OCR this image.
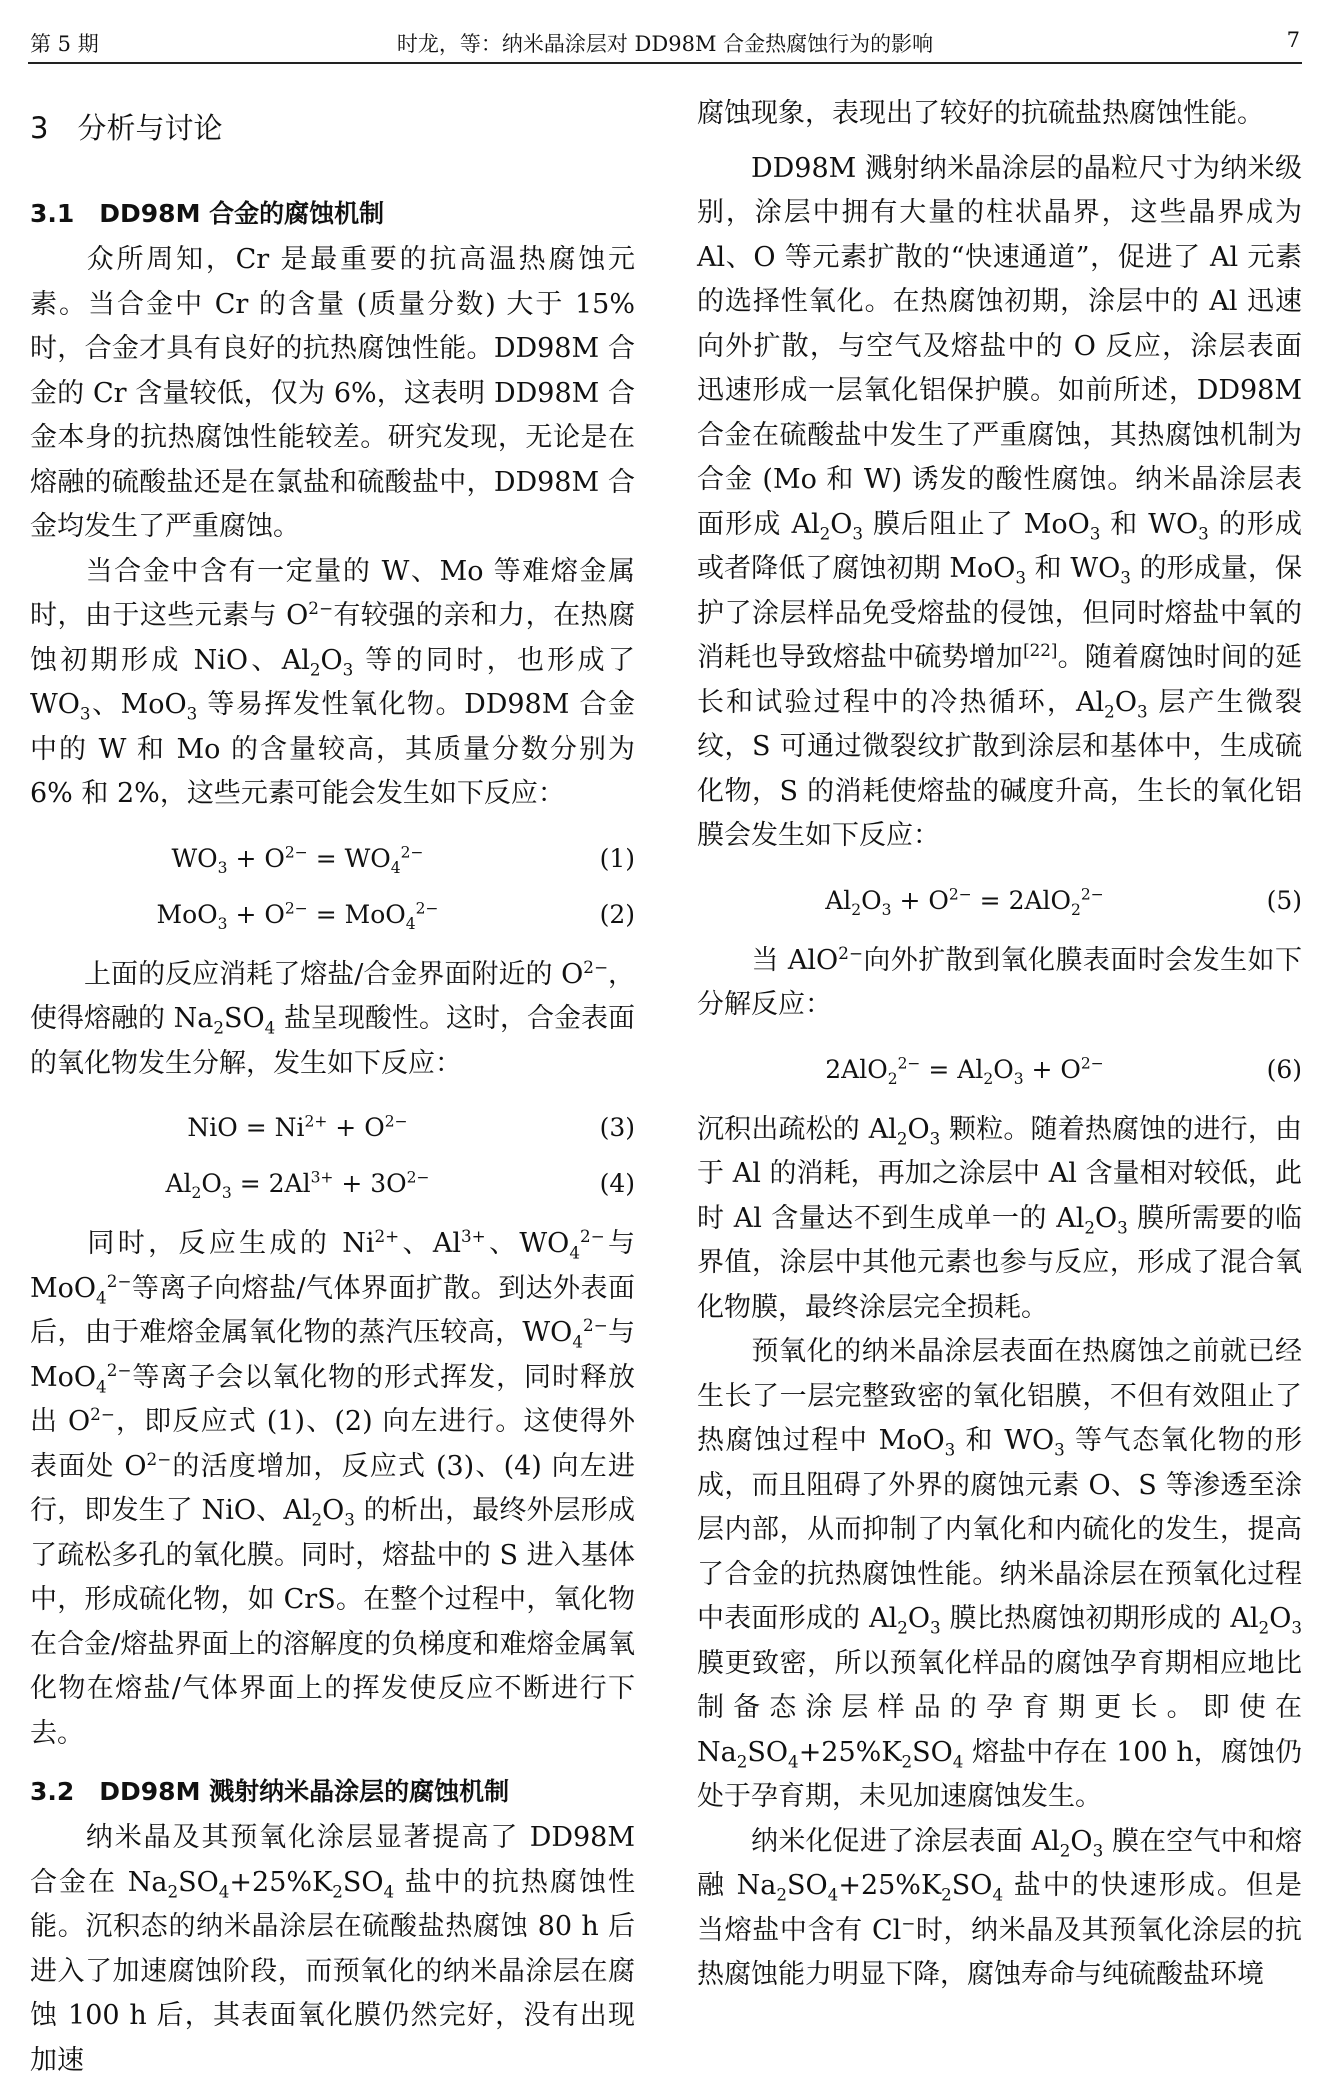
第 5 期	时龙，等：纳米晶涂层对 DD98M 合金热腐蚀行为的影响	7
3　分析与讨论
3.1　DD98M 合金的腐蚀机制

众所周知，Cr 是最重要的抗高温热腐蚀元素。当合金中 Cr 的含量 (质量分数) 大于 15% 时，合金才具有良好的抗热腐蚀性能。DD98M 合金的 Cr 含量较低，仅为 6%，这表明 DD98M 合金本身的抗热腐蚀性能较差。研究发现，无论是在熔融的硫酸盐还是在氯盐和硫酸盐中，DD98M 合金均发生了严重腐蚀。

当合金中含有一定量的 W、Mo 等难熔金属时，由于这些元素与 $O^{2-}$有较强的亲和力，在热腐蚀初期形成 NiO、$Al_2O_3$ 等的同时，也形成了 $WO_3$、MoO$_3$ 等易挥发性氧化物。DD98M 合金中的 W 和 Mo 的含量较高，其质量分数分别为 6% 和 2%，这些元素可能会发生如下反应：

$WO_3 + O^{2-} = WO_4^{2-}$	(1)
$MoO_3 + O^{2-} = MoO_4^{2-}$	(2)

上面的反应消耗了熔盐/合金界面附近的 $O^{2-}$，使得熔融的 $Na_2SO_4$ 盐呈现酸性。这时，合金表面的氧化物发生分解，发生如下反应：

NiO = $Ni^{2+} + O^{2-}$	(3)
$Al_2O_3 = 2Al^{3+} + 3O^{2-}$	(4)

同时，反应生成的 $Ni^{2+}$、$Al^{3+}$、$WO_4^{2-}$与 MoO$_4^{2-}$等离子向熔盐/气体界面扩散。到达外表面后，由于难熔金属氧化物的蒸汽压较高，$WO_4^{2-}$与 MoO$_4^{2-}$等离子会以氧化物的形式挥发，同时释放出 $O^{2-}$，即反应式 (1)、(2) 向左进行。这使得外表面处 $O^{2-}$的活度增加，反应式 (3)、(4) 向左进行，即发生了 NiO、$Al_2O_3$ 的析出，最终外层形成了疏松多孔的氧化膜。同时，熔盐中的 S 进入基体中，形成硫化物，如 CrS。在整个过程中，氧化物在合金/熔盐界面上的溶解度的负梯度和难熔金属氧化物在熔盐/气体界面上的挥发使反应不断进行下去。

3.2　DD98M 溅射纳米晶涂层的腐蚀机制

纳米晶及其预氧化涂层显著提高了 DD98M 合金在 $Na_2SO_4+25\%K_2SO_4$ 盐中的抗热腐蚀性能。沉积态的纳米晶涂层在硫酸盐热腐蚀 80 h 后进入了加速腐蚀阶段，而预氧化的纳米晶涂层在腐蚀 100 h 后，其表面氧化膜仍然完好，没有出现加速

腐蚀现象，表现出了较好的抗硫盐热腐蚀性能。

DD98M 溅射纳米晶涂层的晶粒尺寸为纳米级别，涂层中拥有大量的柱状晶界，这些晶界成为 Al、O 等元素扩散的“快速通道”，促进了 Al 元素的选择性氧化。在热腐蚀初期，涂层中的 Al 迅速向外扩散，与空气及熔盐中的 O 反应，涂层表面迅速形成一层氧化铝保护膜。如前所述，DD98M 合金在硫酸盐中发生了严重腐蚀，其热腐蚀机制为合金 (Mo 和 W) 诱发的酸性腐蚀。纳米晶涂层表面形成 $Al_2O_3$ 膜后阻止了 MoO$_3$ 和 $WO_3$ 的形成或者降低了腐蚀初期 MoO$_3$ 和 $WO_3$ 的形成量，保护了涂层样品免受熔盐的侵蚀，但同时熔盐中氧的消耗也导致熔盐中硫势增加[22]。随着腐蚀时间的延长和试验过程中的冷热循环，$Al_2O_3$ 层产生微裂纹，S 可通过微裂纹扩散到涂层和基体中，生成硫化物，S 的消耗使熔盐的碱度升高，生长的氧化铝膜会发生如下反应：

$Al_2O_3 + O^{2-} = 2AlO_2^{2-}$	(5)

当 AlO$^{2-}$向外扩散到氧化膜表面时会发生如下分解反应：

$2AlO_2^{2-} = Al_2O_3 + O^{2-}$	(6)

沉积出疏松的 $Al_2O_3$ 颗粒。随着热腐蚀的进行，由于 Al 的消耗，再加之涂层中 Al 含量相对较低，此时 Al 含量达不到生成单一的 $Al_2O_3$ 膜所需要的临界值，涂层中其他元素也参与反应，形成了混合氧化物膜，最终涂层完全损耗。

预氧化的纳米晶涂层表面在热腐蚀之前就已经生长了一层完整致密的氧化铝膜，不但有效阻止了热腐蚀过程中 MoO$_3$ 和 $WO_3$ 等气态氧化物的形成，而且阻碍了外界的腐蚀元素 O、S 等渗透至涂层内部，从而抑制了内氧化和内硫化的发生，提高了合金的抗热腐蚀性能。纳米晶涂层在预氧化过程中表面形成的 $Al_2O_3$ 膜比热腐蚀初期形成的 $Al_2O_3$ 膜更致密，所以预氧化样品的腐蚀孕育期相应地比制备态涂层样品的孕育期更长。即使在 $Na_2SO_4+25\%K_2SO_4$ 熔盐中存在 100 h，腐蚀仍处于孕育期，未见加速腐蚀发生。

纳米化促进了涂层表面 $Al_2O_3$ 膜在空气中和熔融 $Na_2SO_4+25\%K_2SO_4$ 盐中的快速形成。但是当熔盐中含有 Cl−时，纳米晶及其预氧化涂层的抗热腐蚀能力明显下降，腐蚀寿命与纯硫酸盐环境
